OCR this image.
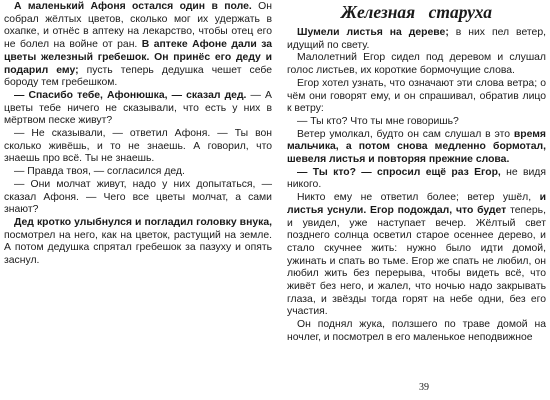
А маленький Афоня остался один в поле. Он собрал жёлтых цветов, сколько мог их удержать в охапке, и отнёс в аптеку на лекарство, чтобы отец его не болел на войне от ран. В аптеке Афоне дали за цветы железный гребешок. Он принёс его деду и подарил ему; пусть теперь дедушка чешет себе бороду тем гребешком.

— Спасибо тебе, Афонюшка, — сказал дед. — А цветы тебе ничего не сказывали, что есть у них в мёртвом песке живут?

— Не сказывали, — ответил Афоня. — Ты вон сколько живёшь, и то не знаешь. А говорил, что знаешь про всё. Ты не знаешь.

— Правда твоя, — согласился дед.

— Они молчат живут, надо у них допытаться, — сказал Афоня. — Чего все цветы молчат, а сами знают?

Дед кротко улыбнулся и погладил головку внука, посмотрел на него, как на цветок, растущий на земле. А потом дедушка спрятал гребешок за пазуху и опять заснул.

Железная старуха

Шумели листья на дереве; в них пел ветер, идущий по свету.

Малолетний Егор сидел под деревом и слушал голос листьев, их короткие бормочущие слова.

Егор хотел узнать, что означают эти слова ветра; о чём они говорят ему, и он спрашивал, обратив лицо к ветру:

— Ты кто? Что ты мне говоришь?

Ветер умолкал, будто он сам слушал в это время мальчика, а потом снова медленно бормотал, шевеля листья и повторяя прежние слова.

— Ты кто? — спросил ещё раз Егор, не видя никого.

Никто ему не ответил более; ветер ушёл, и листья уснули. Егор подождал, что будет теперь, и увидел, уже наступает вечер. Жёлтый свет позднего солнца осветил старое осеннее дерево, и стало скучнее жить: нужно было идти домой, ужинать и спать во тьме. Егор же спать не любил, он любил жить без перерыва, чтобы видеть всё, что живёт без него, и жалел, что ночью надо закрывать глаза, и звёзды тогда горят на небе одни, без его участия.

Он поднял жука, ползшего по траве домой на ночлег, и посмотрел в его маленькое неподвижное

39
